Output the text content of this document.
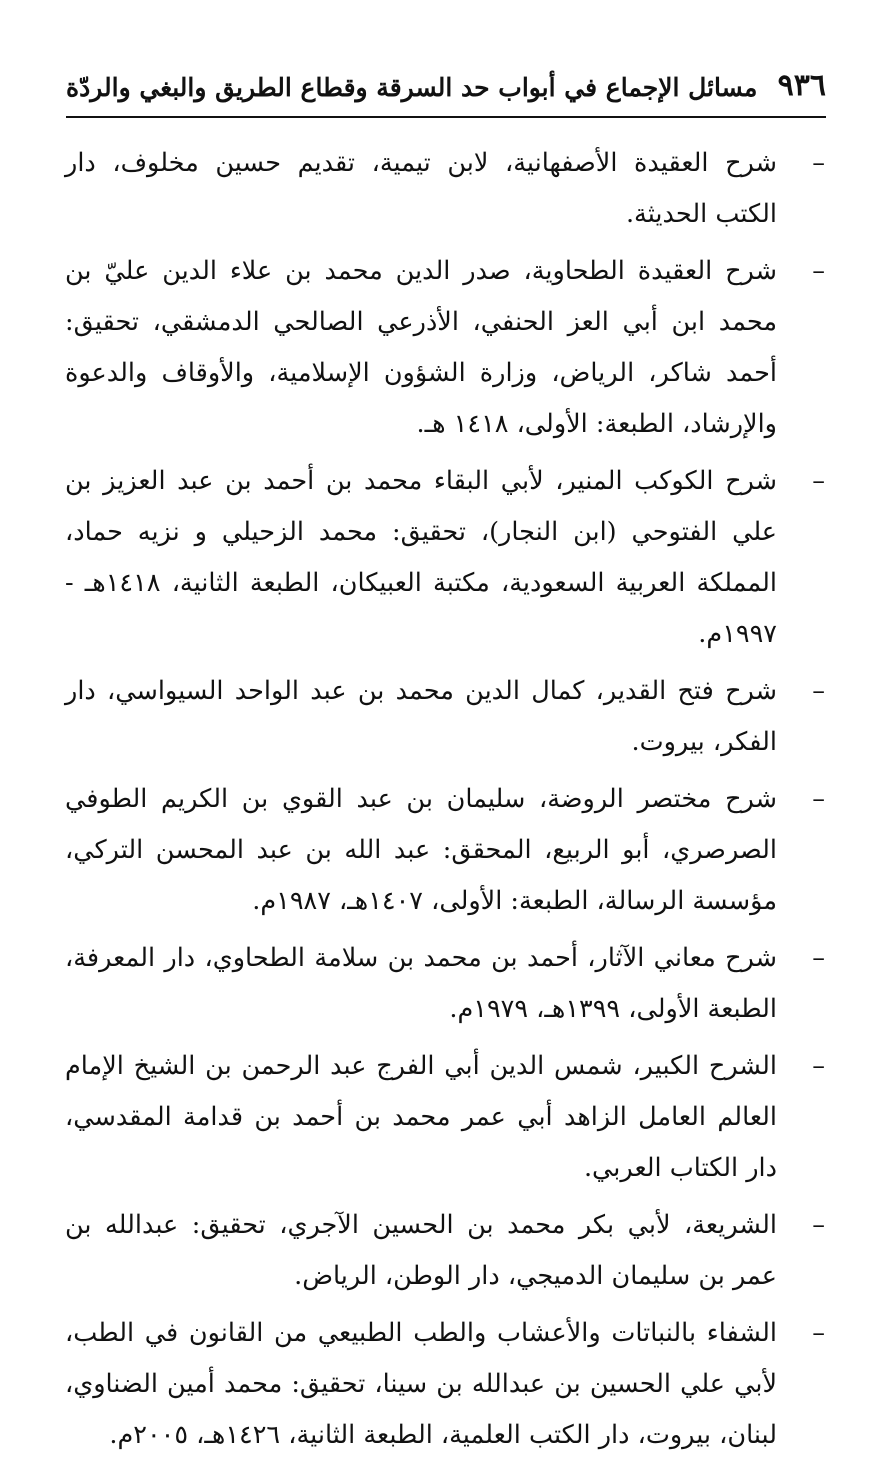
٩٣٦
مسائل الإجماع في أبواب حد السرقة وقطاع الطريق والبغي والردّة
–
شرح العقيدة الأصفهانية، لابن تيمية، تقديم حسين مخلوف، دار الكتب الحديثة.
–
شرح العقيدة الطحاوية، صدر الدين محمد بن علاء الدين عليّ بن محمد ابن أبي العز الحنفي، الأذرعي الصالحي الدمشقي، تحقيق: أحمد شاكر، الرياض، وزارة الشؤون الإسلامية، والأوقاف والدعوة والإرشاد، الطبعة: الأولى، ١٤١٨ هـ.
–
شرح الكوكب المنير، لأبي البقاء محمد بن أحمد بن عبد العزيز بن علي الفتوحي (ابن النجار)، تحقيق: محمد الزحيلي و نزيه حماد، المملكة العربية السعودية، مكتبة العبيكان، الطبعة الثانية، ١٤١٨هـ - ١٩٩٧م.
–
شرح فتح القدير، كمال الدين محمد بن عبد الواحد السيواسي، دار الفكر، بيروت.
–
شرح مختصر الروضة، سليمان بن عبد القوي بن الكريم الطوفي الصرصري، أبو الربيع، المحقق: عبد الله بن عبد المحسن التركي، مؤسسة الرسالة، الطبعة: الأولى، ١٤٠٧هـ، ١٩٨٧م.
–
شرح معاني الآثار، أحمد بن محمد بن سلامة الطحاوي، دار المعرفة، الطبعة الأولى، ١٣٩٩هـ، ١٩٧٩م.
–
الشرح الكبير، شمس الدين أبي الفرج عبد الرحمن بن الشيخ الإمام العالم العامل الزاهد أبي عمر محمد بن أحمد بن قدامة المقدسي، دار الكتاب العربي.
–
الشريعة، لأبي بكر محمد بن الحسين الآجري، تحقيق: عبدالله بن عمر بن سليمان الدميجي، دار الوطن، الرياض.
–
الشفاء بالنباتات والأعشاب والطب الطبيعي من القانون في الطب، لأبي علي الحسين بن عبدالله بن سينا، تحقيق: محمد أمين الضناوي، لبنان، بيروت، دار الكتب العلمية، الطبعة الثانية، ١٤٢٦هـ، ٢٠٠٥م.
